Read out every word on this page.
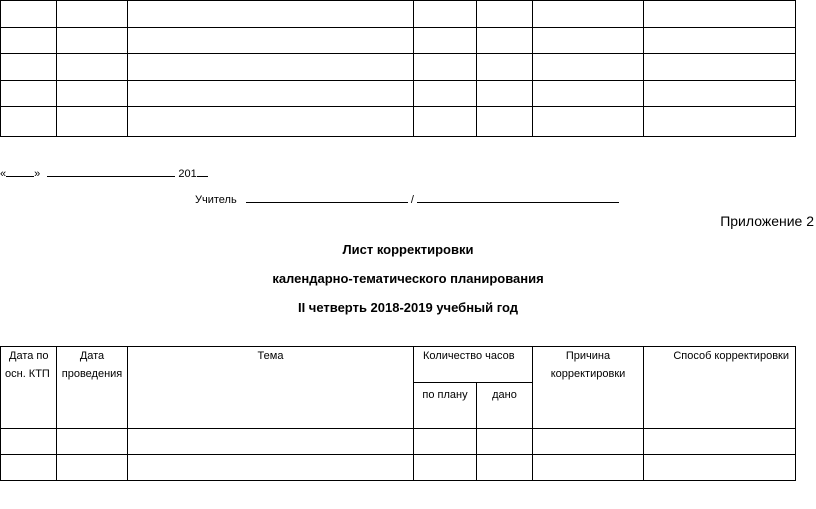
«	»	201
Учитель	/
Приложение 2
Лист корректировки
календарно-тематического планирования
II четверть 2018-2019 учебный год
Дата по осн. КТП	Дата проведения	Тема	Количество часов		Причина корректировки	Способ корректировки

			по плану	дано		
